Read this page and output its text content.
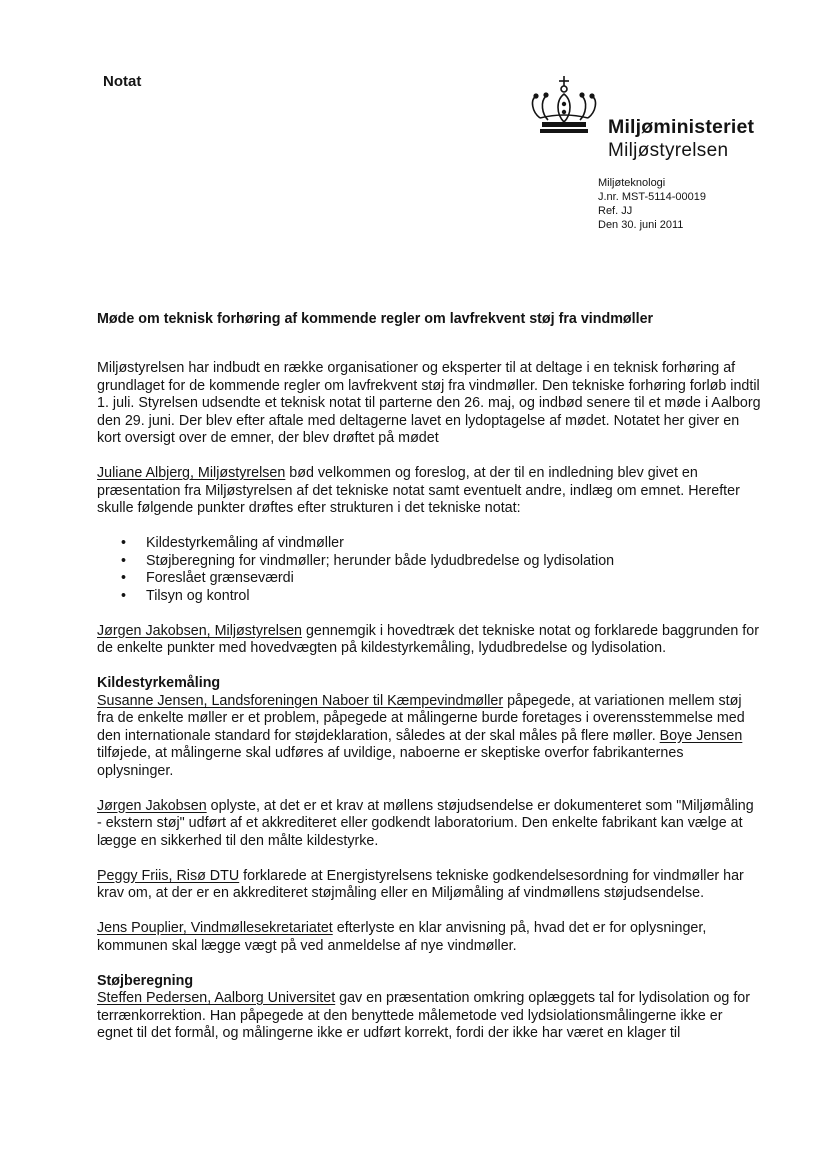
Notat
Miljøministeriet
Miljøstyrelsen
Miljøteknologi
J.nr. MST-5114-00019
Ref. JJ
Den 30. juni 2011
Møde om teknisk forhøring af kommende regler om lavfrekvent støj fra vindmøller

Miljøstyrelsen har indbudt en række organisationer og eksperter til at deltage i en teknisk forhøring af grundlaget for de kommende regler om lavfrekvent støj fra vindmøller. Den tekniske forhøring forløb indtil 1. juli. Styrelsen udsendte et teknisk notat til parterne den 26. maj, og indbød senere til et møde i Aalborg den 29. juni. Der blev efter aftale med deltagerne lavet en lydoptagelse af mødet. Notatet her giver en kort oversigt over de emner, der blev drøftet på mødet

Juliane Albjerg, Miljøstyrelsen bød velkommen og foreslog, at der til en indledning blev givet en præsentation fra Miljøstyrelsen af det tekniske notat samt eventuelt andre, indlæg om emnet. Herefter skulle følgende punkter drøftes efter strukturen i det tekniske notat:

• Kildestyrkemåling af vindmøller
• Støjberegning for vindmøller; herunder både lydudbredelse og lydisolation
• Foreslået grænseværdi
• Tilsyn og kontrol

Jørgen Jakobsen, Miljøstyrelsen gennemgik i hovedtræk det tekniske notat og forklarede baggrunden for de enkelte punkter med hovedvægten på kildestyrkemåling, lydudbredelse og lydisolation.

Kildestyrkemåling

Susanne Jensen, Landsforeningen Naboer til Kæmpevindmøller påpegede, at variationen mellem støj fra de enkelte møller er et problem, påpegede at målingerne burde foretages i overensstemmelse med den internationale standard for støjdeklaration, således at der skal måles på flere møller. Boye Jensen tilføjede, at målingerne skal udføres af uvildige, naboerne er skeptiske overfor fabrikanternes oplysninger.

Jørgen Jakobsen oplyste, at det er et krav at møllens støjudsendelse er dokumenteret som "Miljømåling - ekstern støj" udført af et akkrediteret eller godkendt laboratorium. Den enkelte fabrikant kan vælge at lægge en sikkerhed til den målte kildestyrke.

Peggy Friis, Risø DTU forklarede at Energistyrelsens tekniske godkendelsesordning for vindmøller har krav om, at der er en akkrediteret støjmåling eller en Miljømåling af vindmøllens støjudsendelse.

Jens Pouplier, Vindmøllesekretariatet efterlyste en klar anvisning på, hvad det er for oplysninger, kommunen skal lægge vægt på ved anmeldelse af nye vindmøller.

Støjberegning

Steffen Pedersen, Aalborg Universitet gav en præsentation omkring oplæggets tal for lydisolation og for terrænkorrektion. Han påpegede at den benyttede målemetode ved lydsiolationsmålingerne ikke er egnet til det formål, og målingerne ikke er udført korrekt, fordi der ikke har været en klager til
